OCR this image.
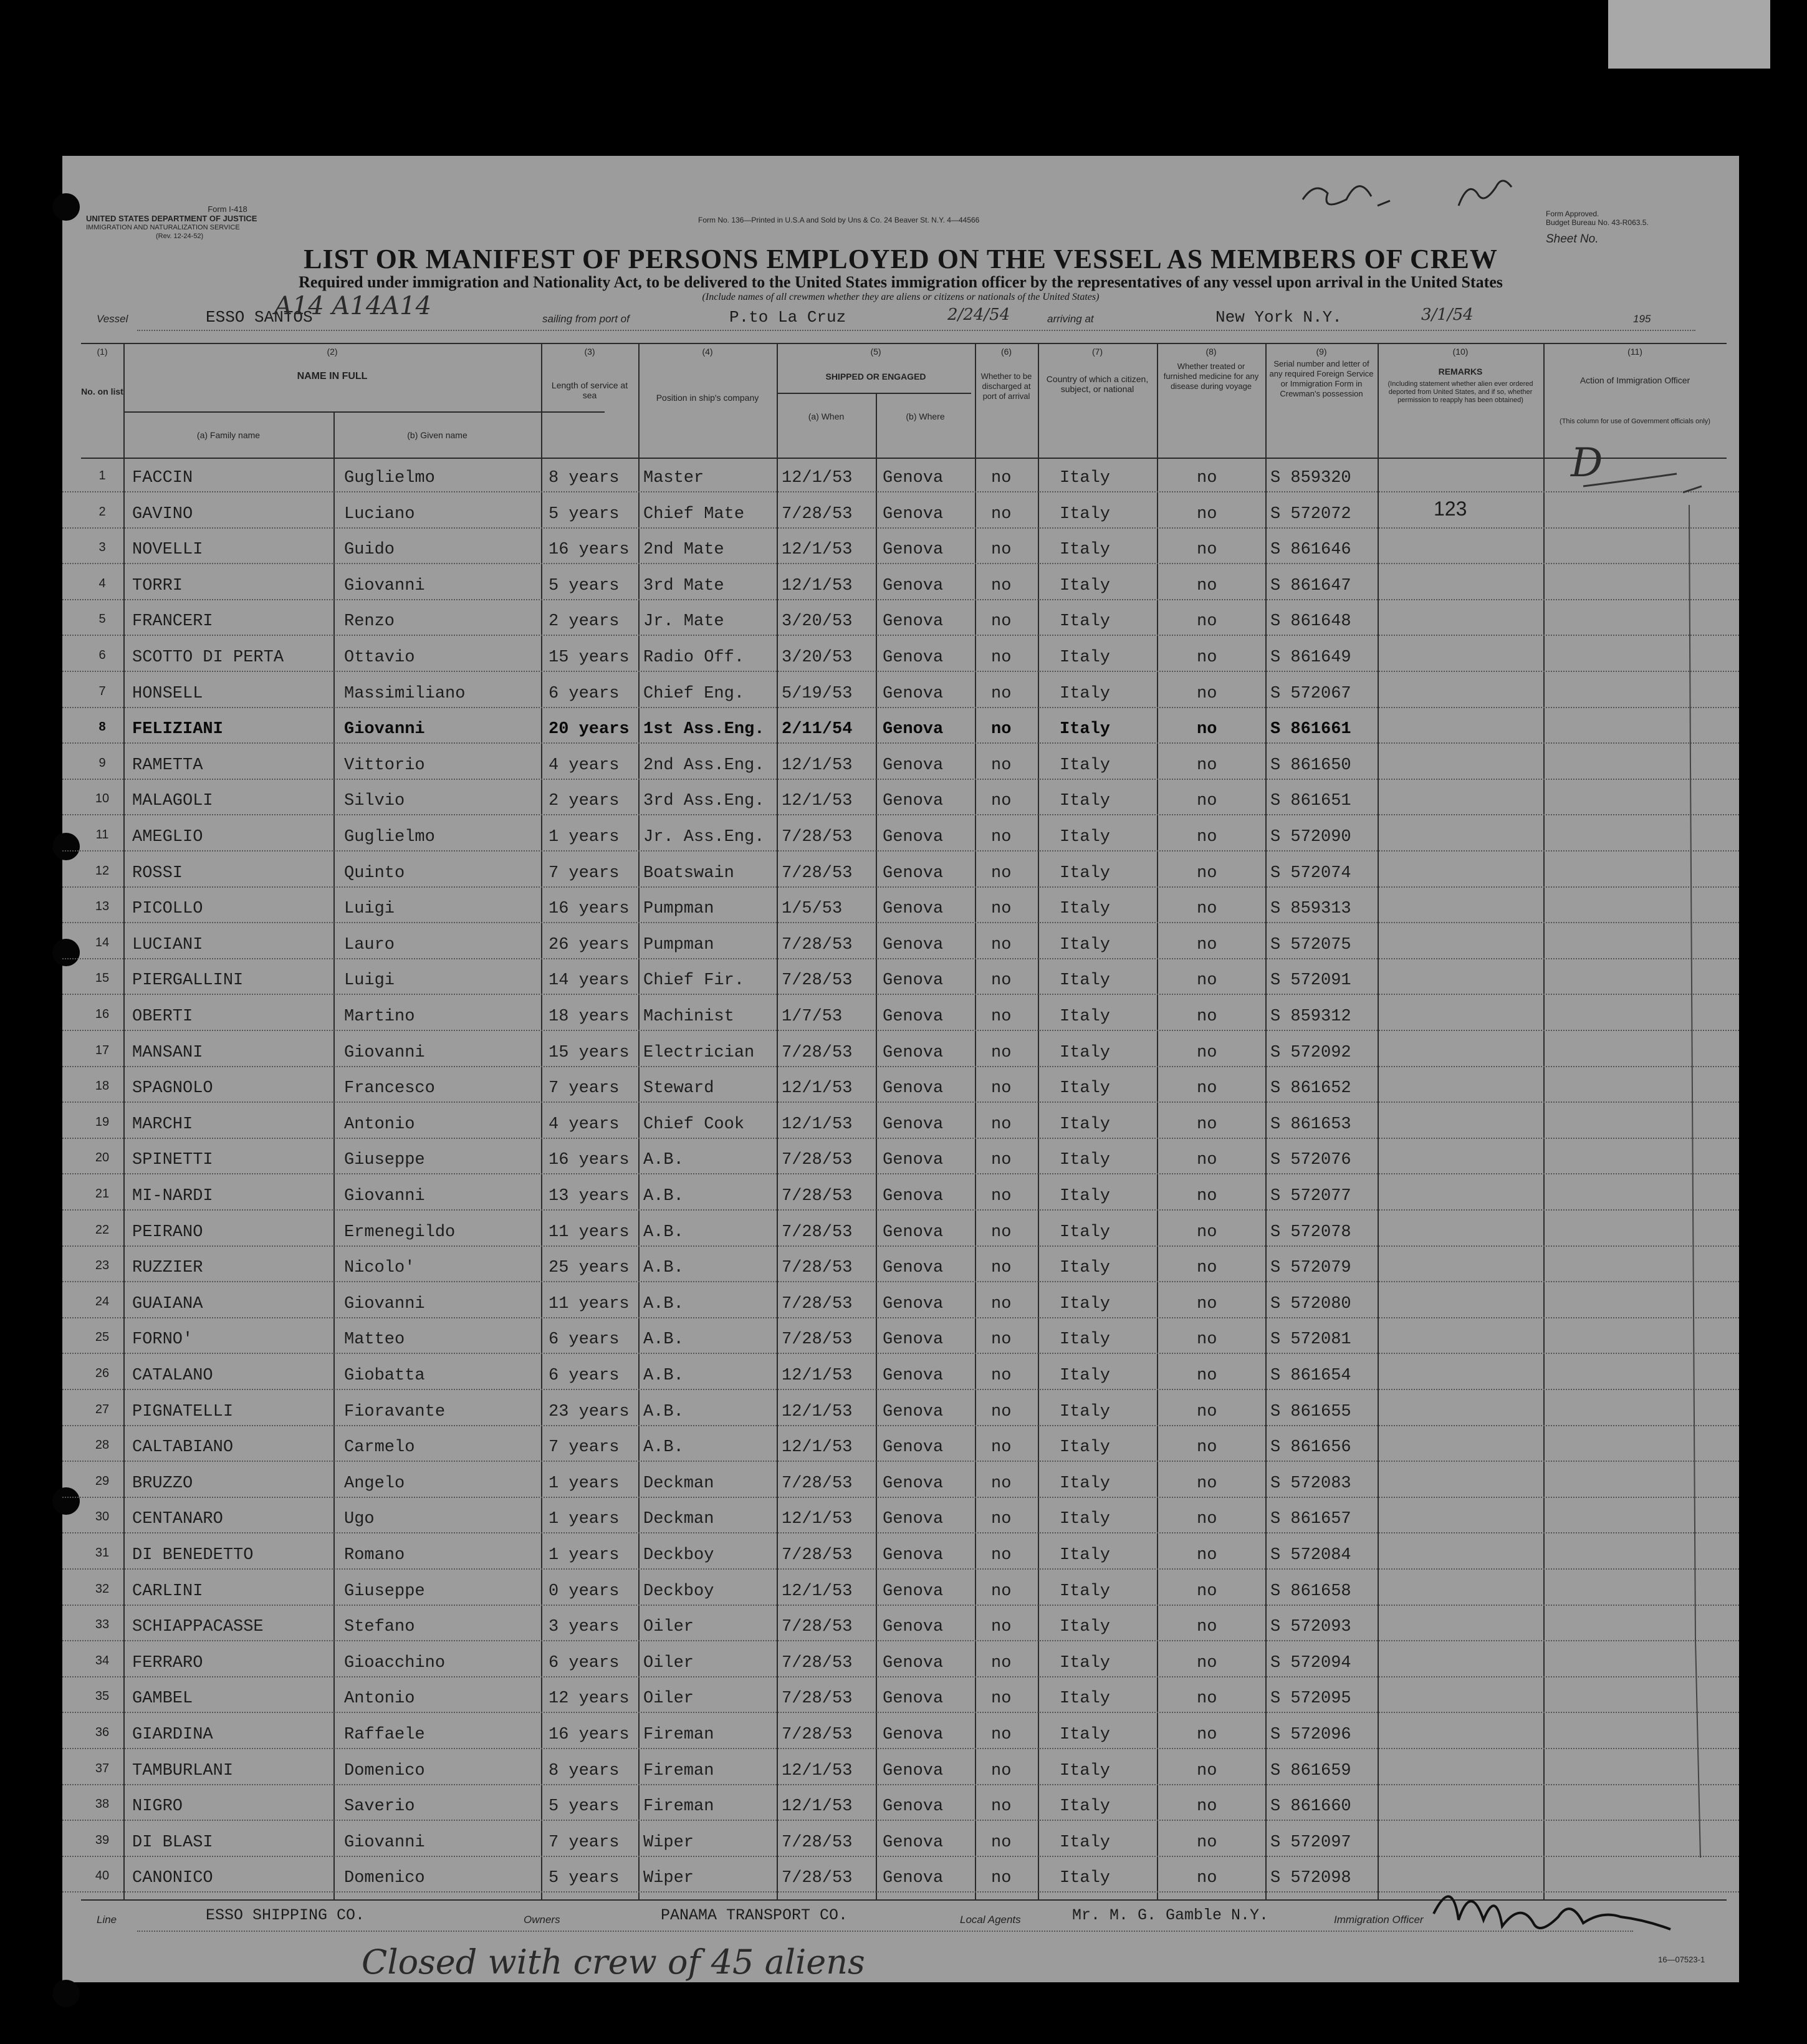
Form I-418
UNITED STATES DEPARTMENT OF JUSTICE
IMMIGRATION AND NATURALIZATION SERVICE
(Rev. 12-24-52)
Form No. 136—Printed in U.S.A and Sold by Uns & Co. 24 Beaver St. N.Y. 4—44566
Form Approved.
Budget Bureau No. 43-R063.5.
Sheet No.
LIST OR MANIFEST OF PERSONS EMPLOYED ON THE VESSEL AS MEMBERS OF CREW
Required under immigration and Nationality Act, to be delivered to the United States immigration officer by the representatives of any vessel upon arrival in the United States
(Include names of all crewmen whether they are aliens or citizens or nationals of the United States)
Vessel	ESSO SANTOS
A14 A14A14	sailing from port of	P.to La Cruz	2/24/54	arriving at	New York N.Y.	3/1/54	195
(1)
No. on list
(2)
NAME IN FULL
(a) Family name	(b) Given name
(3)
Length of service at sea
(4)
Position in ship's company
(5)
SHIPPED OR ENGAGED
(a) When	(b) Where
(6)
Whether to be discharged at port of arrival
(7)
Country of which a citizen, subject, or national
(8)
Whether treated or furnished medicine for any disease during voyage
(9)
Serial number and letter of any required Foreign Service or Immigration Form in Crewman's possession
(10)
REMARKS
(Including statement whether alien ever ordered deported from United States, and if so, whether permission to reapply has been obtained)
(11)
Action of Immigration Officer
(This column for use of Government officials only)
1	FACCIN	Guglielmo	8 years Master	12/1/53 Genova	no	Italy	no	S 859320
2	GAVINO	Luciano	5 years Chief Mate 7/28/53 Genova	no	Italy	no	S 572072
3	NOVELLI	Guido	16 years 2nd Mate	12/1/53 Genova	no	Italy	no	S 861646
4	TORRI	Giovanni	5 years 3rd Mate	12/1/53 Genova	no	Italy	no	S 861647
5	FRANCERI	Renzo	2 years Jr. Mate	3/20/53 Genova	no	Italy	no	S 861648
6	SCOTTO DI PERTA	Ottavio	15 years Radio Off. 3/20/53 Genova	no	Italy	no	S 861649
7	HONSELL	Massimiliano	6 years Chief Eng. 5/19/53 Genova	no	Italy	no	S 572067
8	FELIZIANI	Giovanni	20 years 1st Ass.Eng. 2/11/54 Genova	no	Italy	no	S 861661
9	RAMETTA	Vittorio	4 years 2nd Ass.Eng. 12/1/53 Genova	no	Italy	no	S 861650
10	MALAGOLI	Silvio	2 years 3rd Ass.Eng. 12/1/53 Genova	no	Italy	no	S 861651
11	AMEGLIO	Guglielmo	1 years Jr. Ass.Eng. 7/28/53 Genova	no	Italy	no	S 572090
12	ROSSI	Quinto	7 years Boatswain	7/28/53 Genova	no	Italy	no	S 572074
13	PICOLLO	Luigi	16 years Pumpman	1/5/53 Genova	no	Italy	no	S 859313
14	LUCIANI	Lauro	26 years Pumpman	7/28/53 Genova	no	Italy	no	S 572075
15	PIERGALLINI	Luigi	14 years Chief Fir. 7/28/53 Genova	no	Italy	no	S 572091
16	OBERTI	Martino	18 years Machinist	1/7/53 Genova	no	Italy	no	S 859312
17	MANSANI	Giovanni	15 years Electrician 7/28/53 Genova	no	Italy	no	S 572092
18	SPAGNOLO	Francesco	7 years Steward	12/1/53 Genova	no	Italy	no	S 861652
19	MARCHI	Antonio	4 years Chief Cook 12/1/53 Genova	no	Italy	no	S 861653
20	SPINETTI	Giuseppe	16 years A.B.	7/28/53 Genova	no	Italy	no	S 572076
21	MI-NARDI	Giovanni	13 years A.B.	7/28/53 Genova	no	Italy	no	S 572077
22	PEIRANO	Ermenegildo	11 years A.B.	7/28/53 Genova	no	Italy	no	S 572078
23	RUZZIER	Nicolo'	25 years A.B.	7/28/53 Genova	no	Italy	no	S 572079
24	GUAIANA	Giovanni	11 years A.B.	7/28/53 Genova	no	Italy	no	S 572080
25	FORNO'	Matteo	6 years A.B.	7/28/53 Genova	no	Italy	no	S 572081
26	CATALANO	Giobatta	6 years A.B.	12/1/53 Genova	no	Italy	no	S 861654
27	PIGNATELLI	Fioravante	23 years A.B.	12/1/53 Genova	no	Italy	no	S 861655
28	CALTABIANO	Carmelo	7 years A.B.	12/1/53 Genova	no	Italy	no	S 861656
29	BRUZZO	Angelo	1 years Deckman	7/28/53 Genova	no	Italy	no	S 572083
30	CENTANARO	Ugo	1 years Deckman	12/1/53 Genova	no	Italy	no	S 861657
31	DI BENEDETTO	Romano	1 years Deckboy	7/28/53 Genova	no	Italy	no	S 572084
32	CARLINI	Giuseppe	0 years Deckboy	12/1/53 Genova	no	Italy	no	S 861658
33	SCHIAPPACASSE	Stefano	3 years Oiler	7/28/53 Genova	no	Italy	no	S 572093
34	FERRARO	Gioacchino	6 years Oiler	7/28/53 Genova	no	Italy	no	S 572094
35	GAMBEL	Antonio	12 years Oiler	7/28/53 Genova	no	Italy	no	S 572095
36	GIARDINA	Raffaele	16 years Fireman	7/28/53 Genova	no	Italy	no	S 572096
37	TAMBURLANI	Domenico	8 years Fireman	12/1/53 Genova	no	Italy	no	S 861659
38	NIGRO	Saverio	5 years Fireman	12/1/53 Genova	no	Italy	no	S 861660
39	DI BLASI	Giovanni	7 years Wiper	7/28/53 Genova	no	Italy	no	S 572097
40	CANONICO	Domenico	5 years Wiper	7/28/53 Genova	no	Italy	no	S 572098
123
D
Line	ESSO SHIPPING CO.	Owners	PANAMA TRANSPORT CO.	Local Agents	Mr. M. G. Gamble N.Y.	Immigration Officer
Closed with crew of 45 aliens	16—07523-1
